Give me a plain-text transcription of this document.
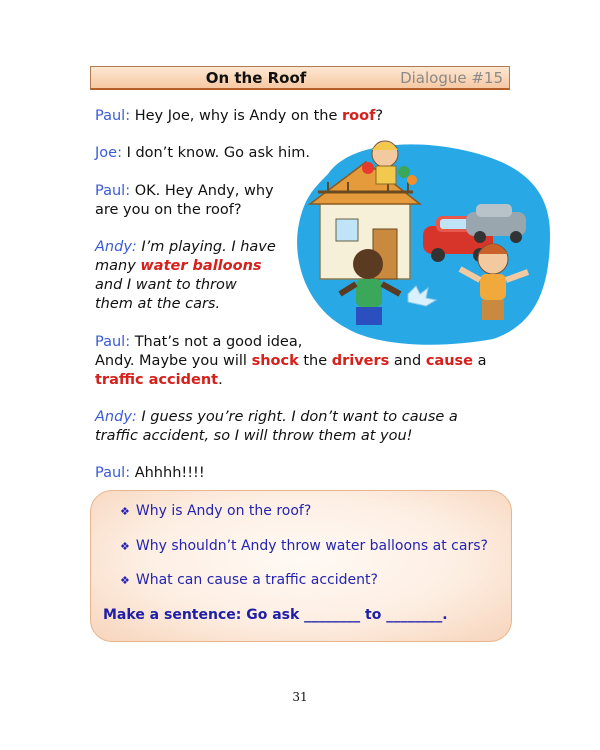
On the Roof	Dialogue #15
Paul: Hey Joe, why is Andy on the roof?
Joe: I don’t know. Go ask him.
Paul: OK. Hey Andy, why
are you on the roof?
Andy: I’m playing. I have
many water balloons
and I want to throw
them at the cars.
Paul: That’s not a good idea,
Andy. Maybe you will shock the drivers and cause a
traffic accident.
Andy: I guess you’re right. I don’t want to cause a
traffic accident, so I will throw them at you!
Paul: Ahhhh!!!!
❖ Why is Andy on the roof?
❖ Why shouldn’t Andy throw water balloons at cars?
❖ What can cause a traffic accident?
Make a sentence: Go ask ________ to ________.
31
